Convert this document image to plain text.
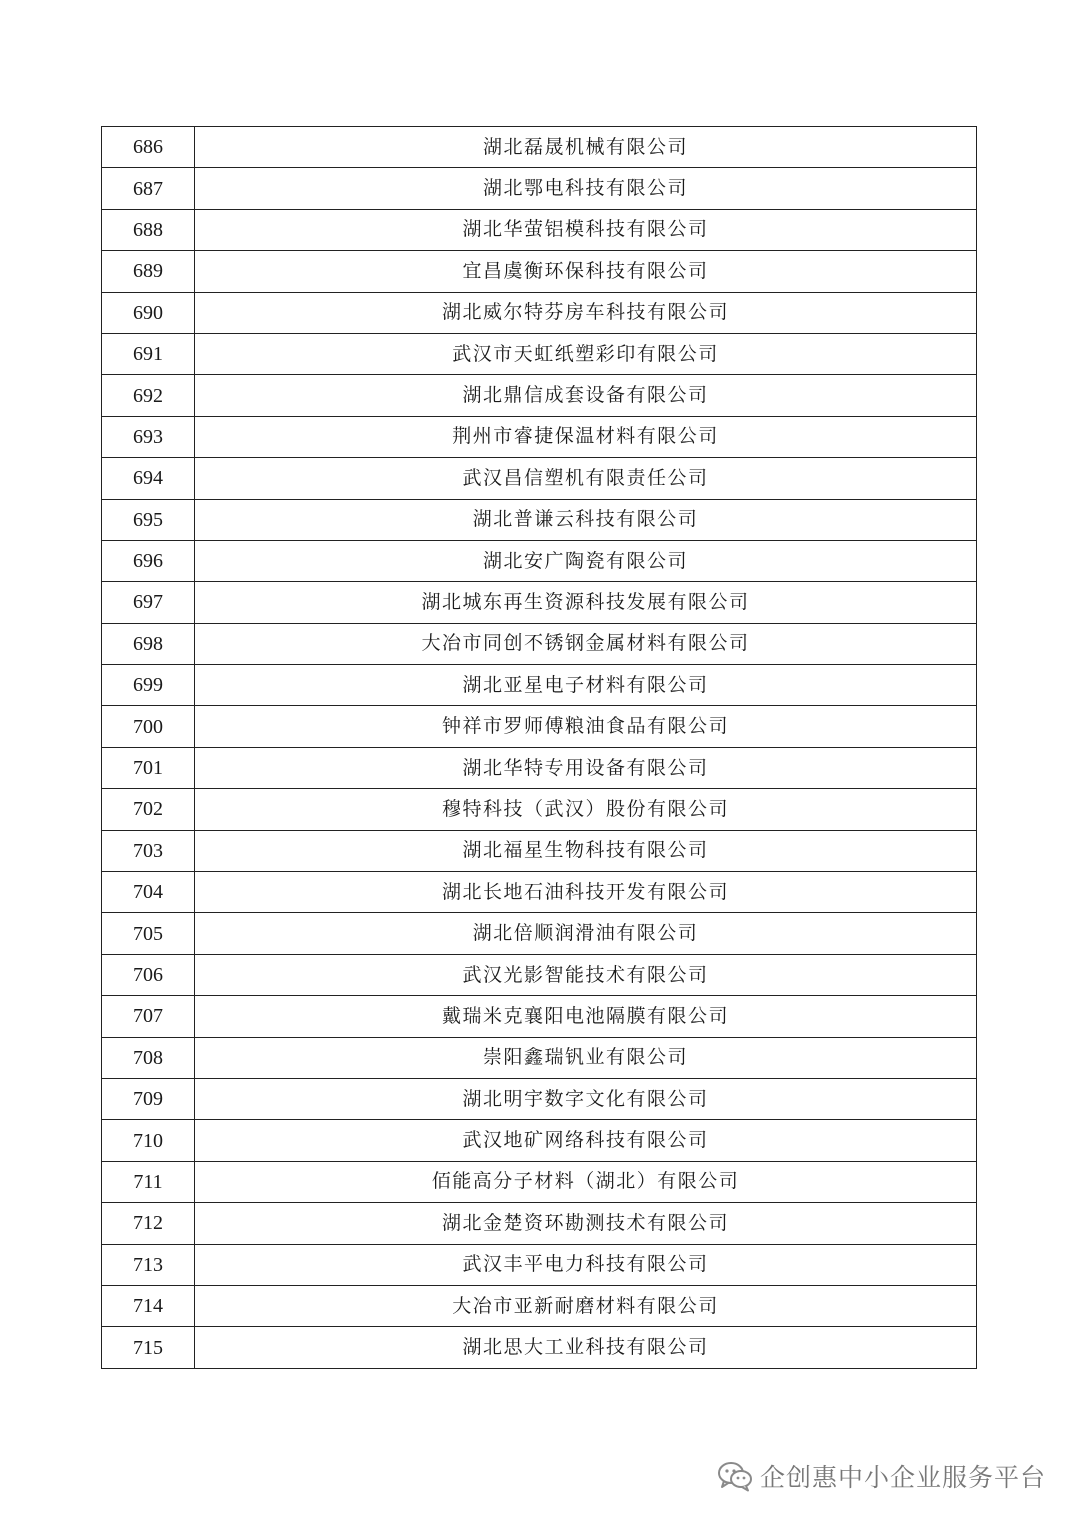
686	湖北磊晟机械有限公司
687	湖北鄂电科技有限公司
688	湖北华萤铝模科技有限公司
689	宜昌虞衡环保科技有限公司
690	湖北威尔特芬房车科技有限公司
691	武汉市天虹纸塑彩印有限公司
692	湖北鼎信成套设备有限公司
693	荆州市睿捷保温材料有限公司
694	武汉昌信塑机有限责任公司
695	湖北普谦云科技有限公司
696	湖北安广陶瓷有限公司
697	湖北城东再生资源科技发展有限公司
698	大冶市同创不锈钢金属材料有限公司
699	湖北亚星电子材料有限公司
700	钟祥市罗师傅粮油食品有限公司
701	湖北华特专用设备有限公司
702	穆特科技（武汉）股份有限公司
703	湖北福星生物科技有限公司
704	湖北长地石油科技开发有限公司
705	湖北倍顺润滑油有限公司
706	武汉光影智能技术有限公司
707	戴瑞米克襄阳电池隔膜有限公司
708	崇阳鑫瑞钒业有限公司
709	湖北明宇数字文化有限公司
710	武汉地矿网络科技有限公司
711	佰能高分子材料（湖北）有限公司
712	湖北金楚资环勘测技术有限公司
713	武汉丰平电力科技有限公司
714	大冶市亚新耐磨材料有限公司
715	湖北思大工业科技有限公司
企创惠中小企业服务平台
